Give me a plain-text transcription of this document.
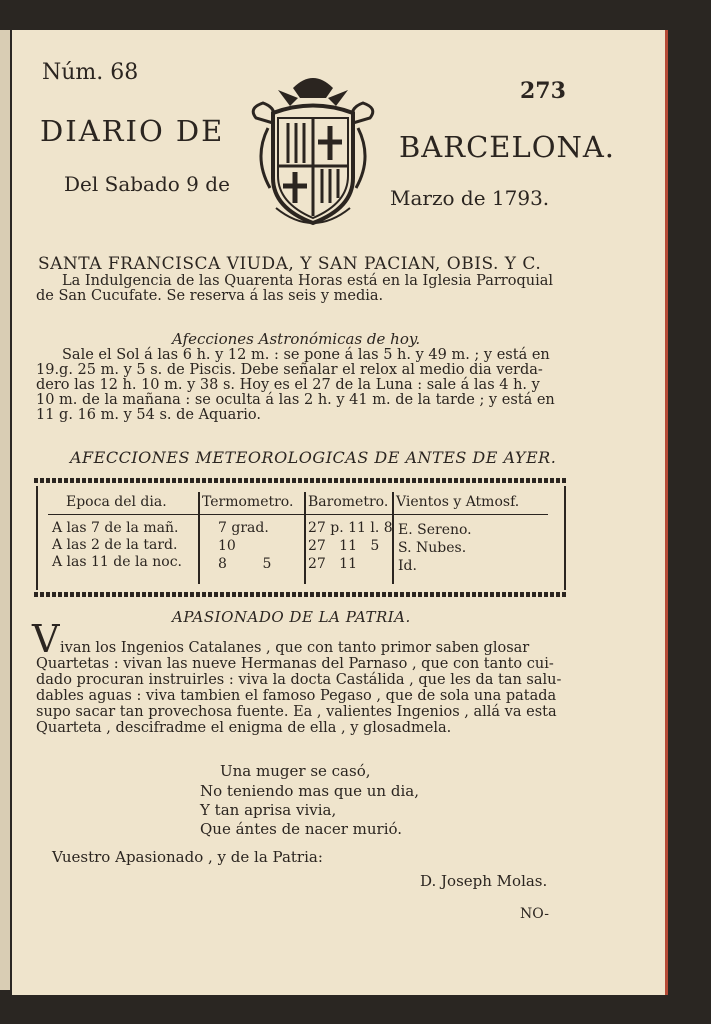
Núm. 68
273
DIARIO DE	BARCELONA.
Del Sabado 9 de
Marzo de 1793.
SANTA FRANCISCA VIUDA, Y SAN PACIAN, OBIS. Y C.
La Indulgencia de las Quarenta Horas está en la Iglesia Parroquial
de San Cucufate. Se reserva á las seis y media.
Afecciones Astronómicas de hoy.
Sale el Sol á las 6 h. y 12 m. : se pone á las 5 h. y 49 m. ; y está en
19.g. 25 m. y 5 s. de Piscis. Debe señalar el relox al medio dia verda-
dero las 12 h. 10 m. y 38 s. Hoy es el 27 de la Luna : sale á las 4 h. y
10 m. de la mañana : se oculta á las 2 h. y 41 m. de la tarde ; y está en
11 g. 16 m. y 54 s. de Aquario.
AFECCIONES METEOROLOGICAS DE ANTES DE AYER.
Epoca del dia.	Termometro. Barometro. Vientos y Atmosf.
A las 7 de la mañ.	7 grad.	27 p. 11 l. 8 E. Sereno.
A las 2 de la tard.	10	27   11   5 S. Nubes.
A las 11 de la noc.	8        5	27   11	Id.
APASIONADO DE LA PATRIA.
V ivan los Ingenios Catalanes , que con tanto primor saben glosar
Quartetas : vivan las nueve Hermanas del Parnaso , que con tanto cui-
dado procuran instruirles : viva la docta Castálida , que les da tan salu-
dables aguas : viva tambien el famoso Pegaso , que de sola una patada
supo sacar tan provechosa fuente. Ea , valientes Ingenios , allá va esta
Quarteta , descifradme el enigma de ella , y glosadmela.
Una muger se casó,
No teniendo mas que un dia,
Y tan aprisa vivia,
Que ántes de nacer murió.
Vuestro Apasionado , y de la Patria:
D. Joseph Molas.
NO-
